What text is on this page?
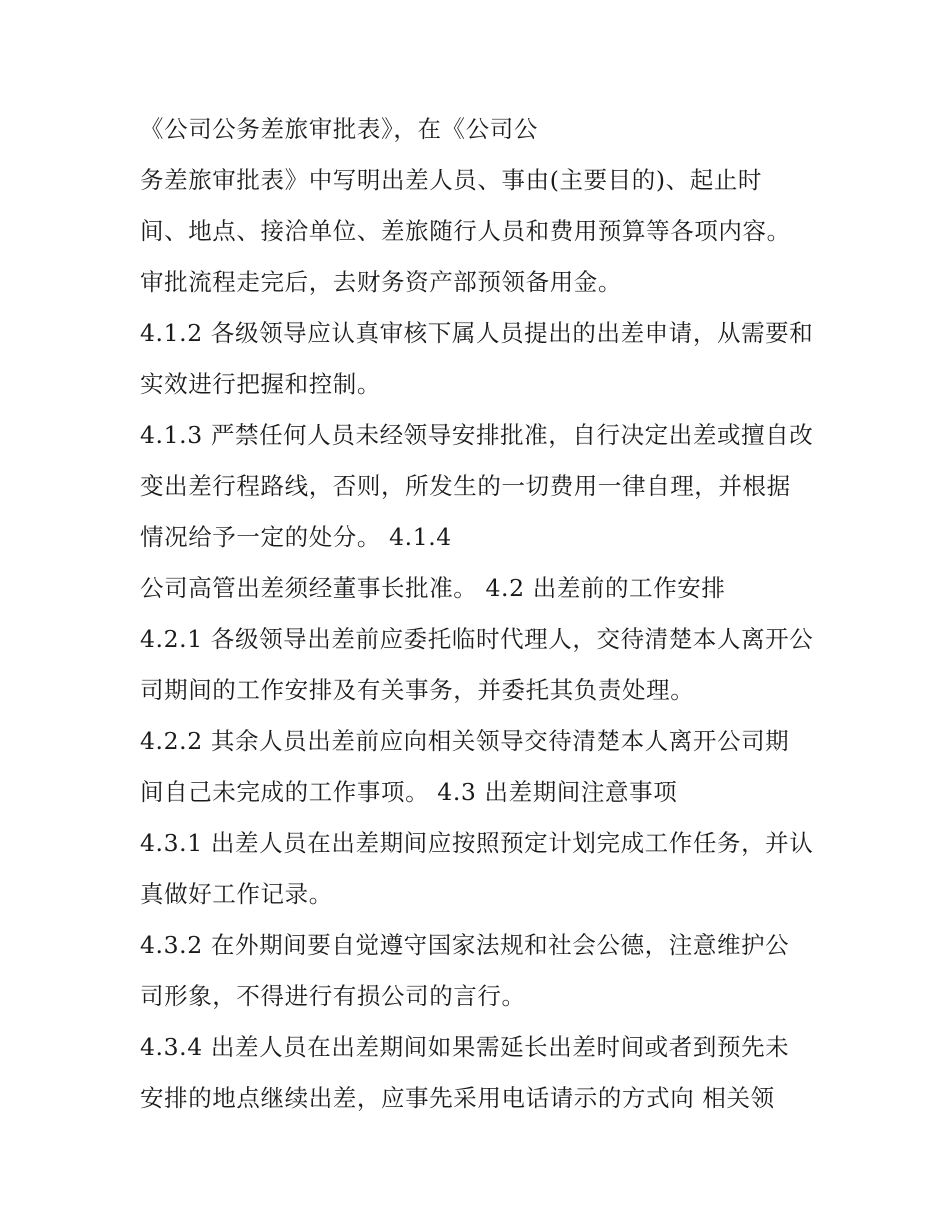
《公司公务差旅审批表》，在《公司公
务差旅审批表》中写明出差人员、事由(主要目的)、起止时
间、地点、接洽单位、差旅随行人员和费用预算等各项内容。
审批流程走完后，去财务资产部预领备用金。
4.1.2 各级领导应认真审核下属人员提出的出差申请，从需要和
实效进行把握和控制。
4.1.3 严禁任何人员未经领导安排批准，自行决定出差或擅自改
变出差行程路线，否则，所发生的一切费用一律自理，并根据
情况给予一定的处分。 4.1.4
公司高管出差须经董事长批准。 4.2 出差前的工作安排
4.2.1 各级领导出差前应委托临时代理人，交待清楚本人离开公
司期间的工作安排及有关事务，并委托其负责处理。
4.2.2 其余人员出差前应向相关领导交待清楚本人离开公司期
间自己未完成的工作事项。 4.3 出差期间注意事项
4.3.1 出差人员在出差期间应按照预定计划完成工作任务，并认
真做好工作记录。
4.3.2 在外期间要自觉遵守国家法规和社会公德，注意维护公
司形象，不得进行有损公司的言行。
4.3.4 出差人员在出差期间如果需延长出差时间或者到预先未
安排的地点继续出差，应事先采用电话请示的方式向 相关领
